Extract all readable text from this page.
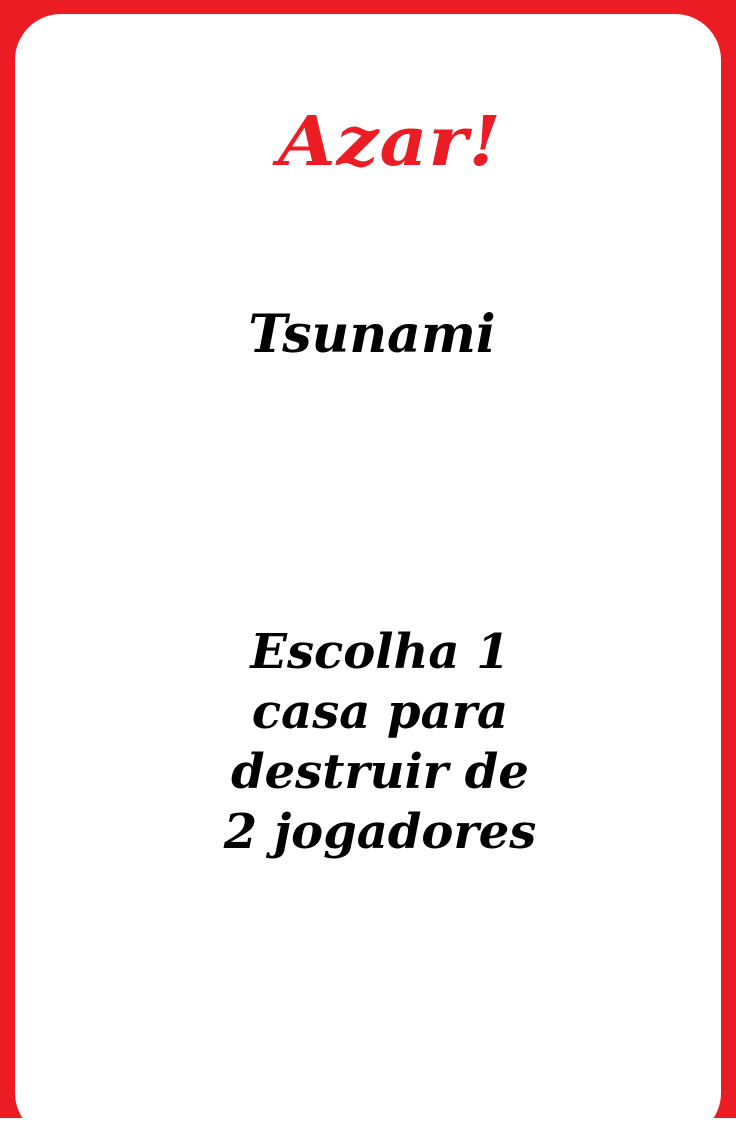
Azar!
Tsunami
Escolha 1
casa para
destruir de
2 jogadores
